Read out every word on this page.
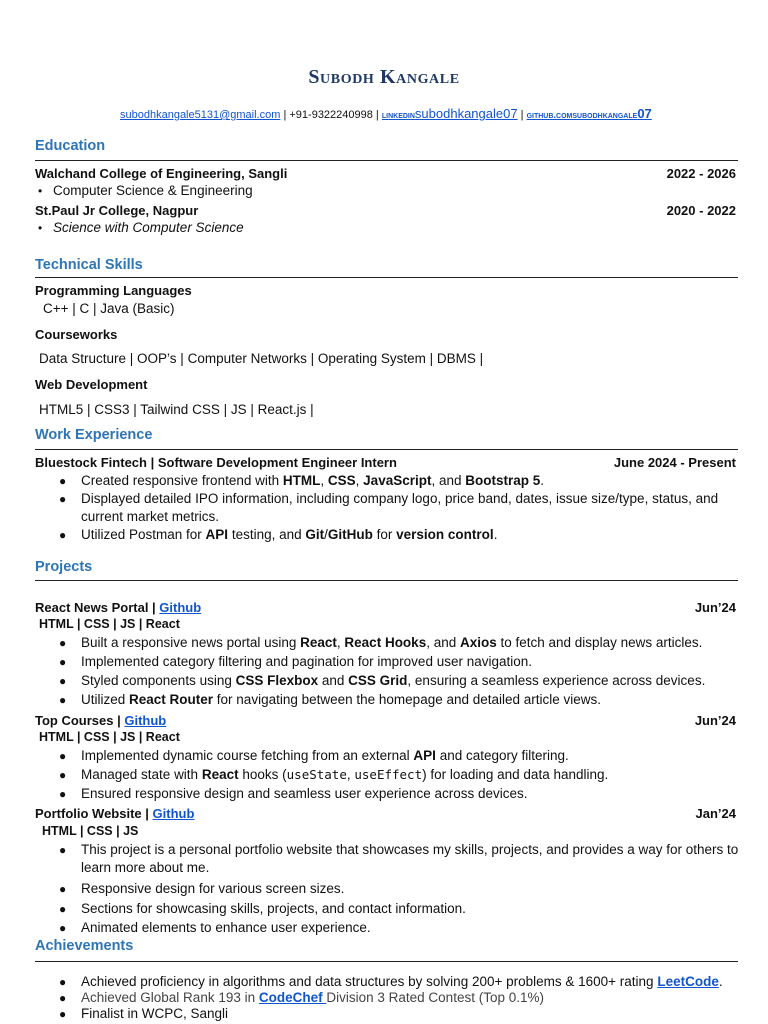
Subodh Kangale
subodhkangale5131@gmail.com | +91-9322240998 | linkedinsubodhkangale07 | github.comsubodhkangale07
Education
Walchand College of Engineering, Sangli	2022 - 2026
• Computer Science & Engineering
St.Paul Jr College, Nagpur	2020 - 2022
• Science with Computer Science
Technical Skills
Programming Languages
C++ | C | Java (Basic)
Courseworks
Data Structure | OOP’s | Computer Networks | Operating System | DBMS |
Web Development
HTML5 | CSS3 | Tailwind CSS | JS | React.js |
Work Experience
Bluestock Fintech | Software Development Engineer Intern	June 2024 - Present
● Created responsive frontend with HTML, CSS, JavaScript, and Bootstrap 5.
● Displayed detailed IPO information, including company logo, price band, dates, issue size/type, status, and current market metrics.
● Utilized Postman for API testing, and Git/GitHub for version control.
Projects
React News Portal | Github	Jun’24
HTML | CSS | JS | React
● Built a responsive news portal using React, React Hooks, and Axios to fetch and display news articles.
● Implemented category filtering and pagination for improved user navigation.
● Styled components using CSS Flexbox and CSS Grid, ensuring a seamless experience across devices.
● Utilized React Router for navigating between the homepage and detailed article views.
Top Courses | Github	Jun’24
HTML | CSS | JS | React
● Implemented dynamic course fetching from an external API and category filtering.
● Managed state with React hooks (useState, useEffect) for loading and data handling.
● Ensured responsive design and seamless user experience across devices.
Portfolio Website | Github	Jan’24
HTML | CSS | JS
● This project is a personal portfolio website that showcases my skills, projects, and provides a way for others to learn more about me.
● Responsive design for various screen sizes.
● Sections for showcasing skills, projects, and contact information.
● Animated elements to enhance user experience.
Achievements
● Achieved proficiency in algorithms and data structures by solving 200+ problems & 1600+ rating LeetCode.
● Achieved Global Rank 193 in CodeChef Division 3 Rated Contest (Top 0.1%)
● Finalist in WCPC, Sangli
